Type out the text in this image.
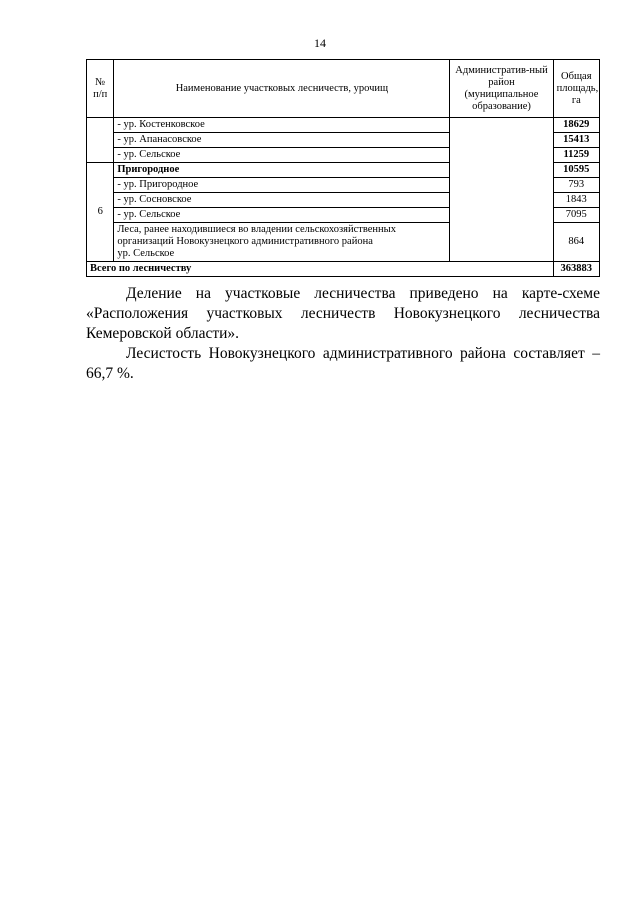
14
№ п/п	Наименование участковых лесничеств, урочищ	Административ-ный район (муниципальное образование)	Общая площадь, га
	- ур. Костенковское		18629
	- ур. Апанасовское		15413
	- ур. Сельское		11259
6	Пригородное		10595
	- ур. Пригородное		793
	- ур. Сосновское		1843
	- ур. Сельское		7095

	Леса, ранее находившиеся во владении сельскохозяйственных
организаций Новокузнецкого административного района
ур. Сельское		864
Всего по лесничеству			363883

Деление на участковые лесничества приведено на карте-схеме «Расположения участковых лесничеств Новокузнецкого лесничества Кемеровской области».

Лесистость Новокузнецкого административного района составляет – 66,7 %.
